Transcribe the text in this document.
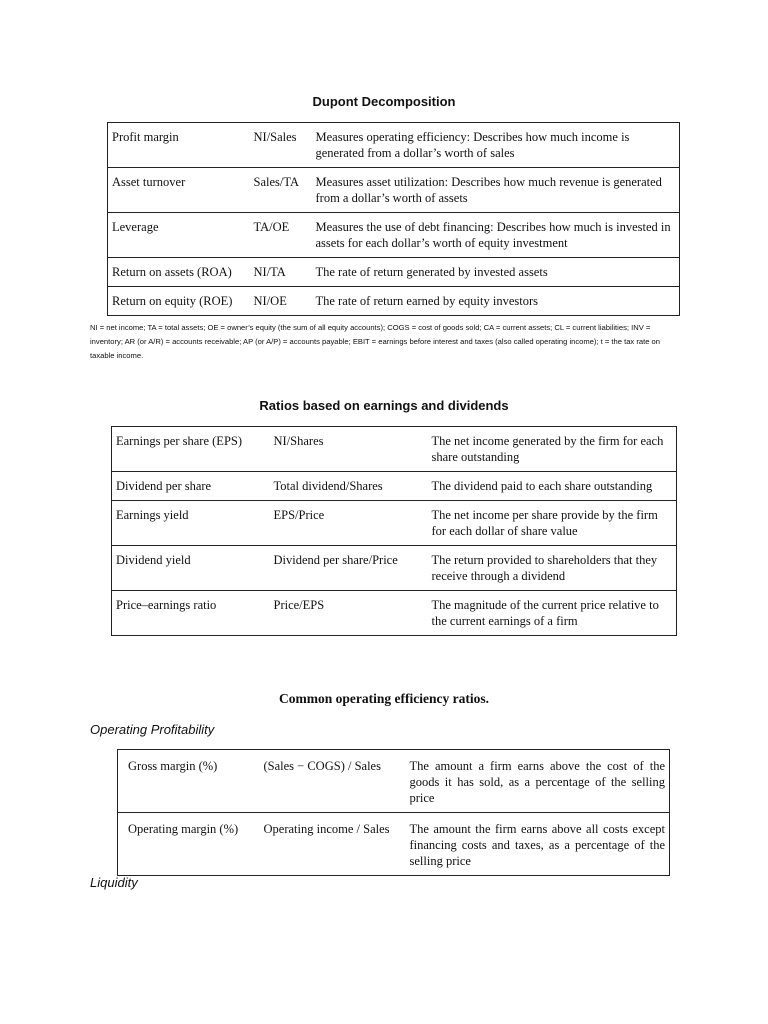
Dupont Decomposition
Profit margin	NI/Sales	Measures operating efficiency: Describes how much income is generated from a dollar’s worth of sales
Asset turnover	Sales/TA	Measures asset utilization: Describes how much revenue is generated from a dollar’s worth of assets
Leverage	TA/OE	Measures the use of debt financing: Describes how much is invested in assets for each dollar’s worth of equity investment
Return on assets (ROA)	NI/TA	The rate of return generated by invested assets
Return on equity (ROE)	NI/OE	The rate of return earned by equity investors
NI = net income; TA = total assets; OE = owner’s equity (the sum of all equity accounts); COGS = cost of goods sold; CA = current assets; CL = current liabilities; INV = inventory; AR (or A/R) = accounts receivable; AP (or A/P) = accounts payable; EBIT = earnings before interest and taxes (also called operating income); t = the tax rate on taxable income.
Ratios based on earnings and dividends
Earnings per share (EPS)	NI/Shares	The net income generated by the firm for each share outstanding
Dividend per share	Total dividend/Shares	The dividend paid to each share outstanding
Earnings yield	EPS/Price	The net income per share provide by the firm for each dollar of share value
Dividend yield	Dividend per share/Price	The return provided to shareholders that they receive through a dividend
Price–earnings ratio	Price/EPS	The magnitude of the current price relative to the current earnings of a firm
Common operating efficiency ratios.
Operating Profitability
Gross margin (%)	(Sales − COGS) / Sales	The amount a firm earns above the cost of the goods it has sold, as a percentage of the selling price
Operating margin (%)	Operating income / Sales	The amount the firm earns above all costs except financing costs and taxes, as a percentage of the selling price
Liquidity
